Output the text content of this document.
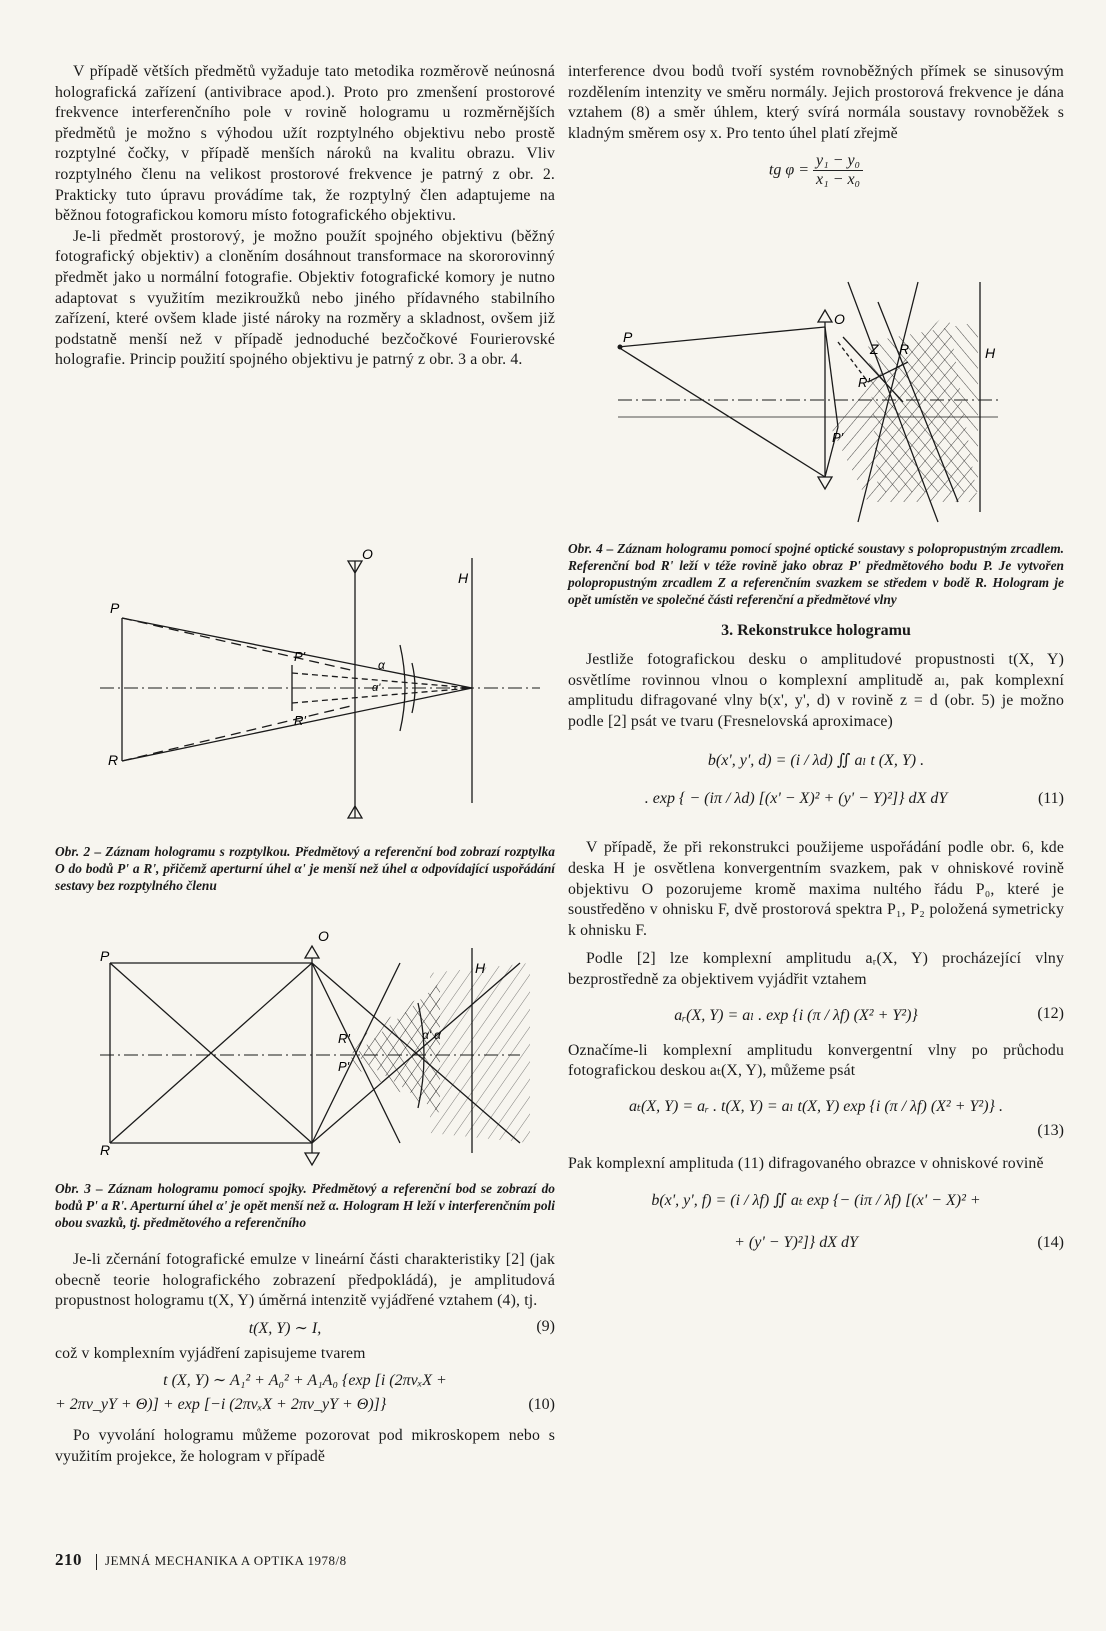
V případě větších předmětů vyžaduje tato metodika rozměrově neúnosná holografická zařízení (antivibrace apod.). Proto pro zmenšení prostorové frekvence interferenčního pole v rovině hologramu u rozměrnějších předmětů je možno s výhodou užít rozptylného objektivu nebo prostě rozptylné čočky, v případě menších nároků na kvalitu obrazu. Vliv rozptylného členu na velikost prostorové frekvence je patrný z obr. 2. Prakticky tuto úpravu provádíme tak, že rozptylný člen adaptujeme na běžnou fotografickou komoru místo fotografického objektivu.

Je-li předmět prostorový, je možno použít spojného objektivu (běžný fotografický objektiv) a cloněním dosáhnout transformace na skororovinný předmět jako u normální fotografie. Objektiv fotografické komory je nutno adaptovat s využitím mezikroužků nebo jiného přídavného stabilního zařízení, které ovšem klade jisté nároky na rozměry a skladnost, ovšem již podstatně menší než v případě jednoduché bezčočkové Fourierovské holografie. Princip použití spojného objektivu je patrný z obr. 3 a obr. 4.

O
H
P
R
P'
R'
α
α'

Obr. 2 – Záznam hologramu s rozptylkou. Předmětový a referenční bod zobrazí rozptylka O do bodů P' a R', přičemž aperturní úhel α' je menší než úhel α odpovídající uspořádání sestavy bez rozptylného členu

O
H
P
R
R'
P'
α' α

Obr. 3 – Záznam hologramu pomocí spojky. Předmětový a referenční bod se zobrazí do bodů P' a R'. Aperturní úhel α' je opět menší než α. Hologram H leží v interferenčním poli obou svazků, tj. předmětového a referenčního

Je-li zčernání fotografické emulze v lineární části charakteristiky [2] (jak obecně teorie holografického zobrazení předpokládá), je amplitudová propustnost hologramu t(X, Y) úměrná intenzitě vyjádřené vztahem (4), tj.

t(X, Y) ∼ I,	(9)

což v komplexním vyjádření zapisujeme tvarem

t (X, Y) ∼ A₁² + A₀² + A₁A₀ {exp [i (2πνₓX +
+ 2πν_yY + Θ)] + exp [−i (2πνₓX + 2πν_yY + Θ)]}	(10)

Po vyvolání hologramu můžeme pozorovat pod mikroskopem nebo s využitím projekce, že hologram v případě

interference dvou bodů tvoří systém rovnoběžných přímek se sinusovým rozdělením intenzity ve směru normály. Jejich prostorová frekvence je dána vztahem (8) a směr úhlem, který svírá normála soustavy rovnoběžek s kladným směrem osy x. Pro tento úhel platí zřejmě

tg $\varphi = \frac{\text{y₁ − y₀}}{\text{x₁ − x₀}}$
O
H
P
Z R
R'
P'

Obr. 4 – Záznam hologramu pomocí spojné optické soustavy s polopropustným zrcadlem. Referenční bod R' leží v téže rovině jako obraz P' předmětového bodu P. Je vytvořen polopropustným zrcadlem Z a referenčním svazkem se středem v bodě R. Hologram je opět umístěn ve společné části referenční a předmětové vlny

3. Rekonstrukce hologramu

Jestliže fotografickou desku o amplitudové propustnosti t(X, Y) osvětlíme rovinnou vlnou o komplexní amplitudě aₗ, pak komplexní amplitudu difragované vlny b(x', y', d) v rovině z = d (obr. 5) je možno podle [2] psát ve tvaru (Fresnelovská aproximace)

b(x', y', d) = (i / λd) ∬ aₗ t (X, Y) .
. exp { − (iπ / λd) [(x' − X)² + (y' − Y)²]} dX dY	(11)

V případě, že při rekonstrukci použijeme uspořádání podle obr. 6, kde deska H je osvětlena konvergentním svazkem, pak v ohniskové rovině objektivu O pozorujeme kromě maxima nultého řádu P₀, které je soustředěno v ohnisku F, dvě prostorová spektra P₁, P₂ položená symetricky k ohnisku F.

Podle [2] lze komplexní amplitudu aᵣ(X, Y) procházející vlny bezprostředně za objektivem vyjádřit vztahem

aᵣ(X, Y) = aₗ . exp {i (π / λf) (X² + Y²)}	(12)

Označíme-li komplexní amplitudu konvergentní vlny po průchodu fotografickou deskou aₜ(X, Y), můžeme psát

aₜ(X, Y) = aᵣ . t(X, Y) = aₗ t(X, Y) exp {i (π / λf) (X² + Y²)} .
(13)

Pak komplexní amplituda (11) difragovaného obrazce v ohniskové rovině

b(x', y', f) = (i / λf) ∬ aₜ exp {− (iπ / λf) [(x' − X)² +
+ (y' − Y)²]} dX dY	(14)
210 JEMNÁ MECHANIKA A OPTIKA 1978/8
